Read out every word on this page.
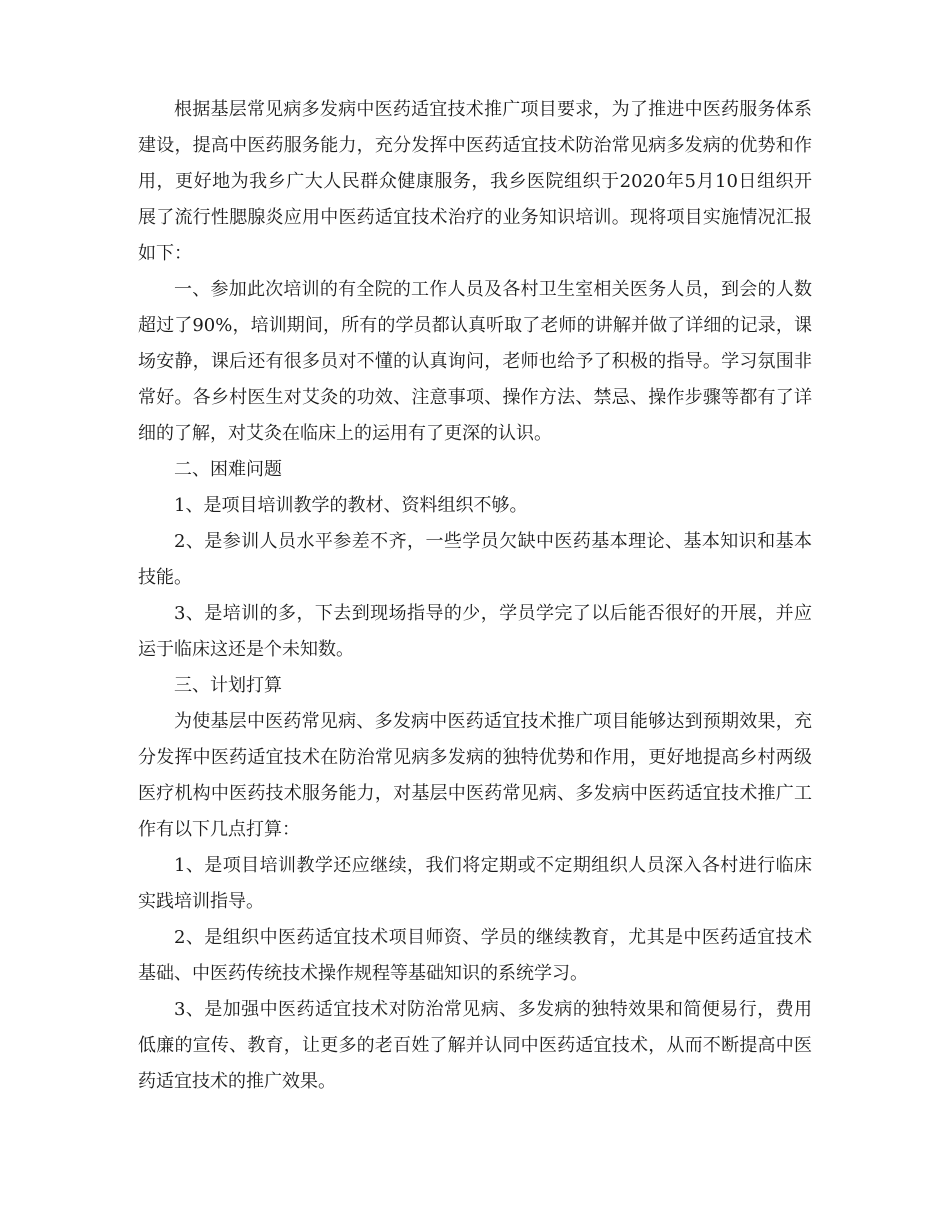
根据基层常见病多发病中医药适宜技术推广项目要求，为了推进中医药服务体系建设，提高中医药服务能力，充分发挥中医药适宜技术防治常见病多发病的优势和作用，更好地为我乡广大人民群众健康服务，我乡医院组织于2020年5月10日组织开展了流行性腮腺炎应用中医药适宜技术治疗的业务知识培训。现将项目实施情况汇报如下：

一、参加此次培训的有全院的工作人员及各村卫生室相关医务人员，到会的人数超过了90%，培训期间，所有的学员都认真听取了老师的讲解并做了详细的记录，课场安静，课后还有很多员对不懂的认真询问，老师也给予了积极的指导。学习氛围非常好。各乡村医生对艾灸的功效、注意事项、操作方法、禁忌、操作步骤等都有了详细的了解，对艾灸在临床上的运用有了更深的认识。

二、困难问题

1、是项目培训教学的教材、资料组织不够。

2、是参训人员水平参差不齐，一些学员欠缺中医药基本理论、基本知识和基本技能。

3、是培训的多，下去到现场指导的少，学员学完了以后能否很好的开展，并应运于临床这还是个未知数。

三、计划打算

为使基层中医药常见病、多发病中医药适宜技术推广项目能够达到预期效果，充分发挥中医药适宜技术在防治常见病多发病的独特优势和作用，更好地提高乡村两级医疗机构中医药技术服务能力，对基层中医药常见病、多发病中医药适宜技术推广工作有以下几点打算：

1、是项目培训教学还应继续，我们将定期或不定期组织人员深入各村进行临床实践培训指导。

2、是组织中医药适宜技术项目师资、学员的继续教育，尤其是中医药适宜技术基础、中医药传统技术操作规程等基础知识的系统学习。

3、是加强中医药适宜技术对防治常见病、多发病的独特效果和简便易行，费用低廉的宣传、教育，让更多的老百姓了解并认同中医药适宜技术，从而不断提高中医药适宜技术的推广效果。
